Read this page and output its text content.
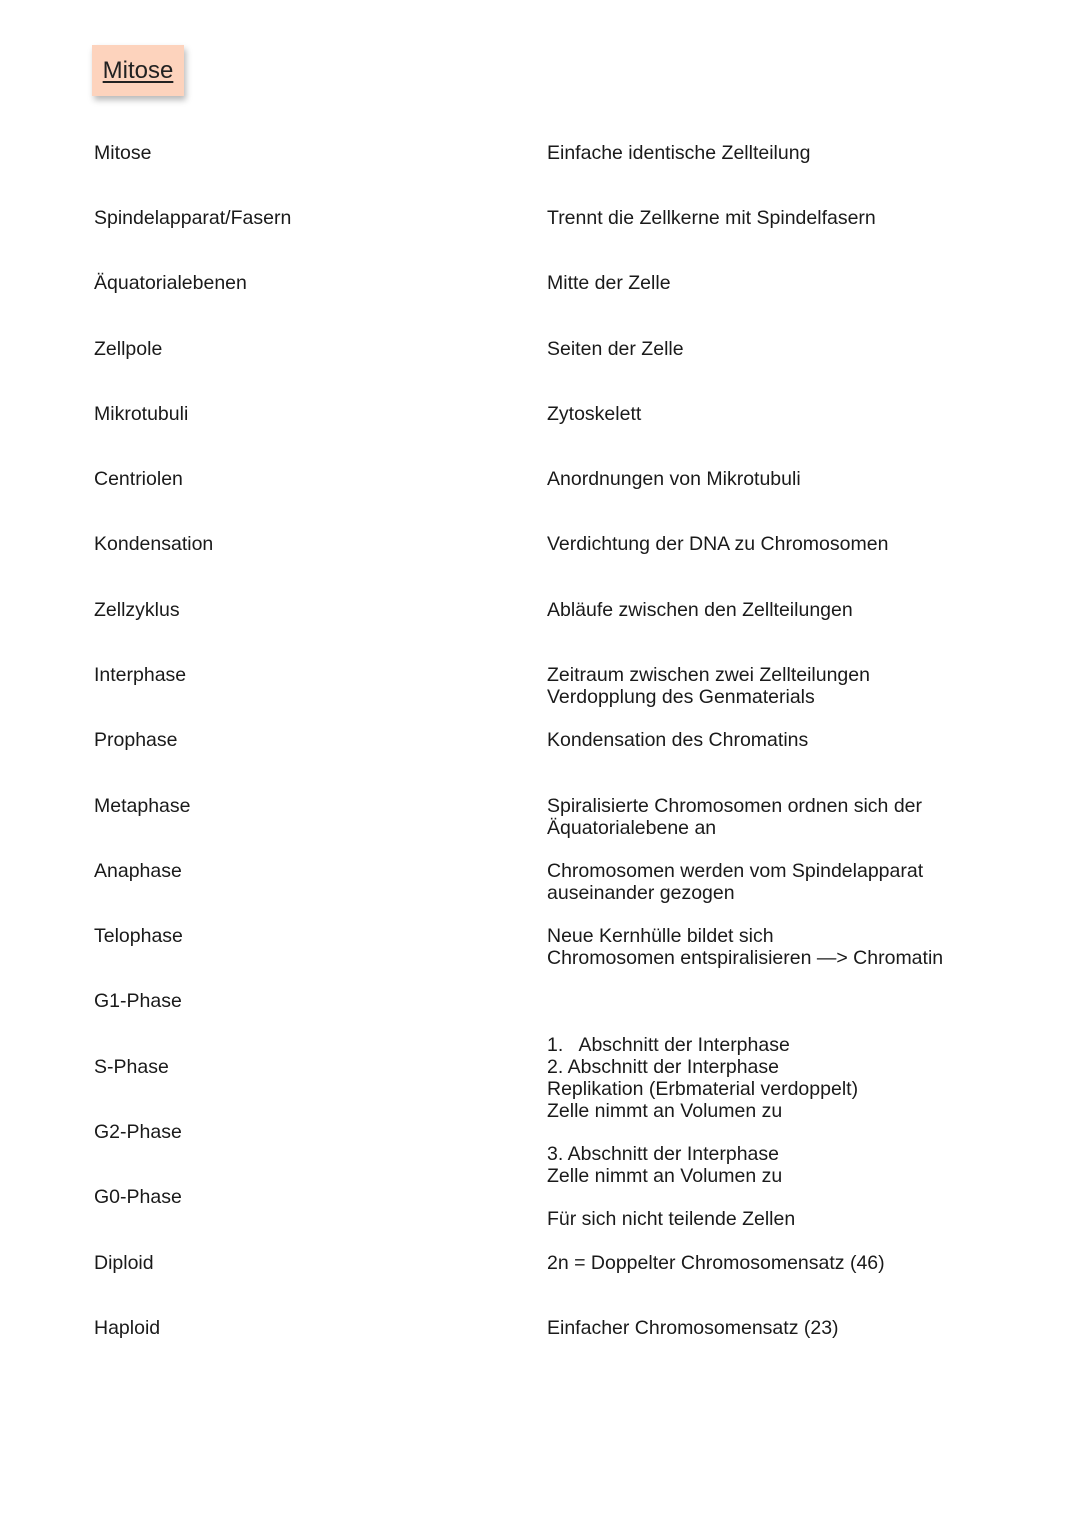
Mitose
Mitose
Spindelapparat/Fasern
Äquatorialebenen
Zellpole
Mikrotubuli
Centriolen
Kondensation
Zellzyklus
Interphase
Prophase
Metaphase
Anaphase
Telophase
G1-Phase
S-Phase
G2-Phase
G0-Phase
Diploid
Haploid
Einfache identische Zellteilung
Trennt die Zellkerne mit Spindelfasern
Mitte der Zelle
Seiten der Zelle
Zytoskelett
Anordnungen von Mikrotubuli
Verdichtung der DNA zu Chromosomen
Abläufe zwischen den Zellteilungen
Zeitraum zwischen zwei Zellteilungen
Verdopplung des Genmaterials
Kondensation des Chromatins
Spiralisierte Chromosomen ordnen sich der
Äquatorialebene an
Chromosomen werden vom Spindelapparat
auseinander gezogen
Neue Kernhülle bildet sich
Chromosomen entspiralisieren —> Chromatin

1.   Abschnitt der Interphase

Zelle nimmt an Volumen zu

2. Abschnitt der Interphase
Replikation (Erbmaterial verdoppelt)
3. Abschnitt der Interphase
Zelle nimmt an Volumen zu
Für sich nicht teilende Zellen
2n = Doppelter Chromosomensatz (46)
Einfacher Chromosomensatz (23)
